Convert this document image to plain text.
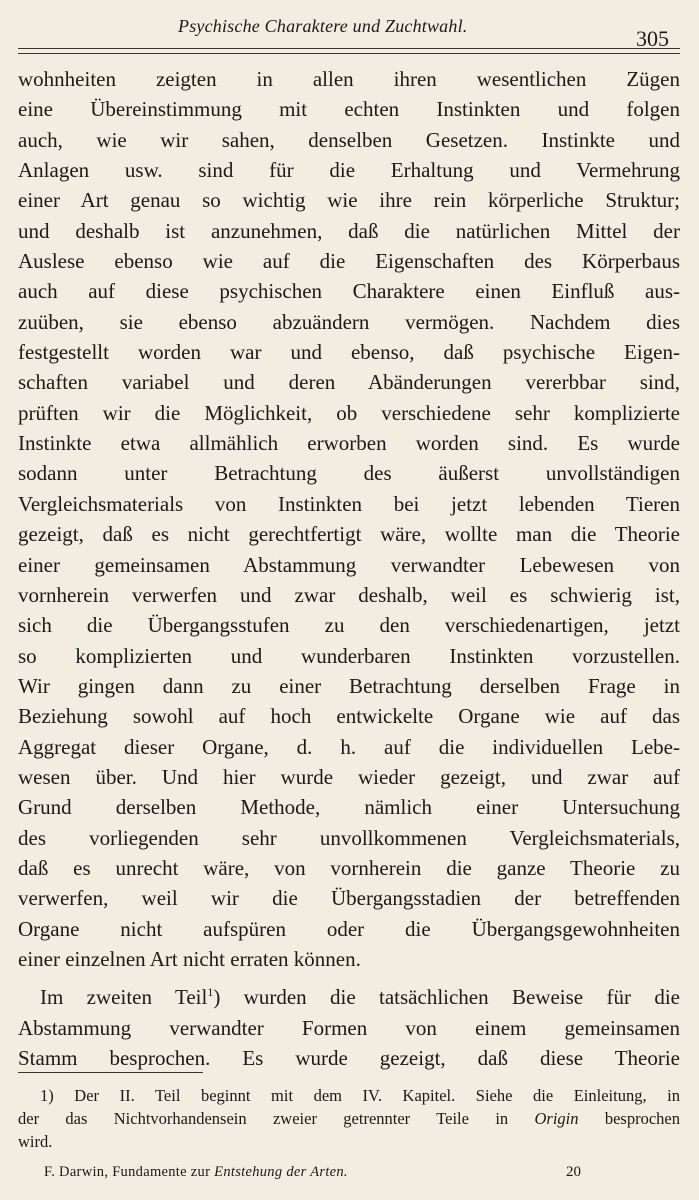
Psychische Charaktere und Zuchtwahl.	305
wohnheiten zeigten in allen ihren wesentlichen Zügen
eine Übereinstimmung mit echten Instinkten und folgen
auch, wie wir sahen, denselben Gesetzen. Instinkte und
Anlagen usw. sind für die Erhaltung und Vermehrung
einer Art genau so wichtig wie ihre rein körperliche Struktur;
und deshalb ist anzunehmen, daß die natürlichen Mittel der
Auslese ebenso wie auf die Eigenschaften des Körperbaus
auch auf diese psychischen Charaktere einen Einfluß aus-
zuüben, sie ebenso abzuändern vermögen. Nachdem dies
festgestellt worden war und ebenso, daß psychische Eigen-
schaften variabel und deren Abänderungen vererbbar sind,
prüften wir die Möglichkeit, ob verschiedene sehr komplizierte
Instinkte etwa allmählich erworben worden sind. Es wurde
sodann unter Betrachtung des äußerst unvollständigen
Vergleichsmaterials von Instinkten bei jetzt lebenden Tieren
gezeigt, daß es nicht gerechtfertigt wäre, wollte man die Theorie
einer gemeinsamen Abstammung verwandter Lebewesen von
vornherein verwerfen und zwar deshalb, weil es schwierig ist,
sich die Übergangsstufen zu den verschiedenartigen, jetzt
so komplizierten und wunderbaren Instinkten vorzustellen.
Wir gingen dann zu einer Betrachtung derselben Frage in
Beziehung sowohl auf hoch entwickelte Organe wie auf das
Aggregat dieser Organe, d. h. auf die individuellen Lebe-
wesen über. Und hier wurde wieder gezeigt, und zwar auf
Grund derselben Methode, nämlich einer Untersuchung
des vorliegenden sehr unvollkommenen Vergleichsmaterials,
daß es unrecht wäre, von vornherein die ganze Theorie zu
verwerfen, weil wir die Übergangsstadien der betreffenden
Organe nicht aufspüren oder die Übergangsgewohnheiten
einer einzelnen Art nicht erraten können.
Im zweiten Teil$^1$) wurden die tatsächlichen Beweise für die
Abstammung verwandter Formen von einem gemeinsamen
Stamm besprochen. Es wurde gezeigt, daß diese Theorie
1) Der II. Teil beginnt mit dem IV. Kapitel. Siehe die Einleitung, in
der das Nichtvorhandensein zweier getrennter Teile in Origin besprochen
wird.
F. Darwin, Fundamente zur Entstehung der Arten.	20
